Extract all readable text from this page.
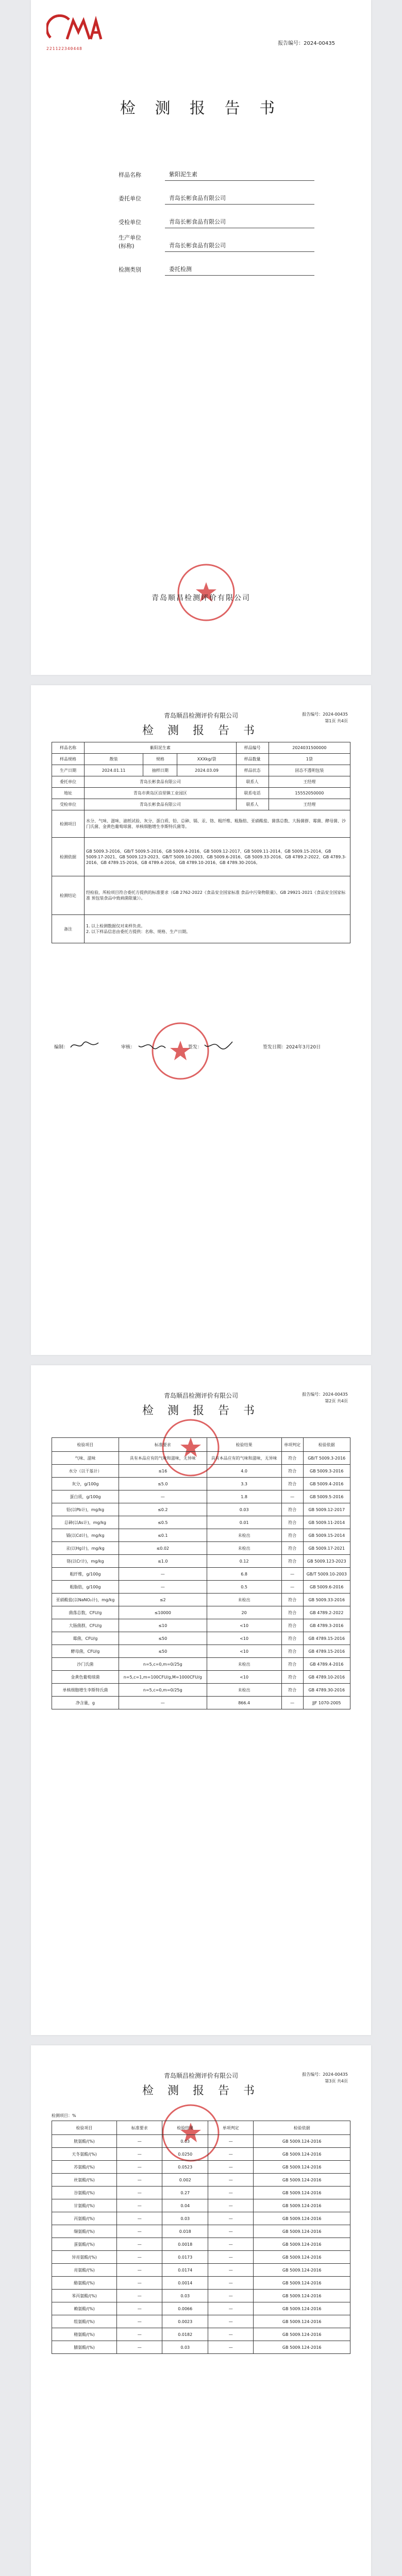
221122340448
报告编号：2024-00435
检 测 报 告 书
样品名称	紫阳泥生素
委托单位	青岛长彬食品有限公司
受检单位	青岛长彬食品有限公司
生产单位
(标称)	青岛长彬食品有限公司
检测类别	委托检测
青岛顺昌检测评价有限公司
青岛顺昌检测评价有限公司
检 测 报 告 书
报告编号：2024-00435
第1页 共4页
样品名称	紫阳泥生素			样品编号	2024031500000
样品规格	散装	规格	XXXkg/袋	样品数量	1袋
生产日期	2024.01.11	抽样日期	2024.03.09	样品状态	固态不透明包装
委托单位	青岛长彬食品有限公司			联系人	王经理
地址	青岛市黄岛区泊里镇工业园区			联系电话	15552050000
受检单位	青岛长彬食品有限公司			联系人	王经理
检测项目	水分、气味、滋味、滤纸试验、灰分、蛋白质、铅、总砷、镉、汞、铬、粗纤维、粗脂肪、亚硝酸盐、菌落总数、大肠菌群、霉菌、酵母菌、沙门氏菌、金黄色葡萄球菌、单核细胞增生李斯特氏菌等。				
检测依据	GB 5009.3-2016、GB/T 5009.5-2016、GB 5009.4-2016、GB 5009.12-2017、GB 5009.11-2014、GB 5009.15-2014、GB 5009.17-2021、GB 5009.123-2023、GB/T 5009.10-2003、GB 5009.6-2016、GB 5009.33-2016、GB 4789.2-2022、GB 4789.3-2016、GB 4789.15-2016、GB 4789.4-2016、GB 4789.10-2016、GB 4789.30-2016。				
检测结论	经检验，所检项目符合委托方提供的标准要求（GB 2762-2022《食品安全国家标准 食品中污染物限量》、GB 29921-2021《食品安全国家标准 预包装食品中致病菌限量》）。				
备注	1. 以上检测数据仅对来样负责。
2. 以下样品信息由委托方提供：名称、规格、生产日期。				
编制：	审核：	签发：	签发日期：2024年3月20日
青岛顺昌检测评价有限公司
检 测 报 告 书
报告编号：2024-00435
第2页 共4页
检验项目	标准要求	检验结果	单项判定	检验依据
气味、滋味	具有本品应有的气味和滋味，无异味	具有本品应有的气味和滋味，无异味	符合	GB/T 5009.3-2016
水分（以干基计）	≤16	4.0	符合	GB 5009.3-2016
灰分，g/100g	≤5.0	3.3	符合	GB 5009.4-2016
蛋白质，g/100g	—	1.8	—	GB 5009.5-2016
铅(以Pb计)，mg/kg	≤0.2	0.03	符合	GB 5009.12-2017
总砷(以As计)，mg/kg	≤0.5	0.01	符合	GB 5009.11-2014
镉(以Cd计)，mg/kg	≤0.1	未检出	符合	GB 5009.15-2014
汞(以Hg计)，mg/kg	≤0.02	未检出	符合	GB 5009.17-2021
铬(以Cr计)，mg/kg	≤1.0	0.12	符合	GB 5009.123-2023
粗纤维，g/100g	—	6.8	—	GB/T 5009.10-2003
粗脂肪，g/100g	—	0.5	—	GB 5009.6-2016
亚硝酸盐(以NaNO₂计)，mg/kg	≤2	未检出	符合	GB 5009.33-2016
菌落总数，CFU/g	≤10000	20	符合	GB 4789.2-2022
大肠菌群，CFU/g	≤10	<10	符合	GB 4789.3-2016
霉菌，CFU/g	≤50	<10	符合	GB 4789.15-2016
酵母菌，CFU/g	≤50	<10	符合	GB 4789.15-2016
沙门氏菌	n=5,c=0,m=0/25g	未检出	符合	GB 4789.4-2016
金黄色葡萄球菌	n=5,c=1,m=100CFU/g,M=1000CFU/g	<10	符合	GB 4789.10-2016
单核细胞增生李斯特氏菌	n=5,c=0,m=0/25g	未检出	符合	GB 4789.30-2016
净含量，g	—	866.4	—	JJF 1070-2005
青岛顺昌检测评价有限公司
检 测 报 告 书
报告编号：2024-00435
第3页 共4页
检测项目：%
检验项目	标准要求	检验结果	单项判定	检验依据
胱氨酸/(%)	—	0.03	—	GB 5009.124-2016
天冬氨酸/(%)	—	0.0250	—	GB 5009.124-2016
苏氨酸/(%)	—	0.0523	—	GB 5009.124-2016
丝氨酸/(%)	—	0.002	—	GB 5009.124-2016
谷氨酸/(%)	—	0.27	—	GB 5009.124-2016
甘氨酸/(%)	—	0.04	—	GB 5009.124-2016
丙氨酸/(%)	—	0.03	—	GB 5009.124-2016
缬氨酸/(%)	—	0.018	—	GB 5009.124-2016
蛋氨酸/(%)	—	0.0018	—	GB 5009.124-2016
异亮氨酸/(%)	—	0.0173	—	GB 5009.124-2016
亮氨酸/(%)	—	0.0174	—	GB 5009.124-2016
酪氨酸/(%)	—	0.0014	—	GB 5009.124-2016
苯丙氨酸/(%)	—	0.03	—	GB 5009.124-2016
赖氨酸/(%)	—	0.0066	—	GB 5009.124-2016
组氨酸/(%)	—	0.0023	—	GB 5009.124-2016
精氨酸/(%)	—	0.0182	—	GB 5009.124-2016
脯氨酸/(%)	—	0.03	—	GB 5009.124-2016
